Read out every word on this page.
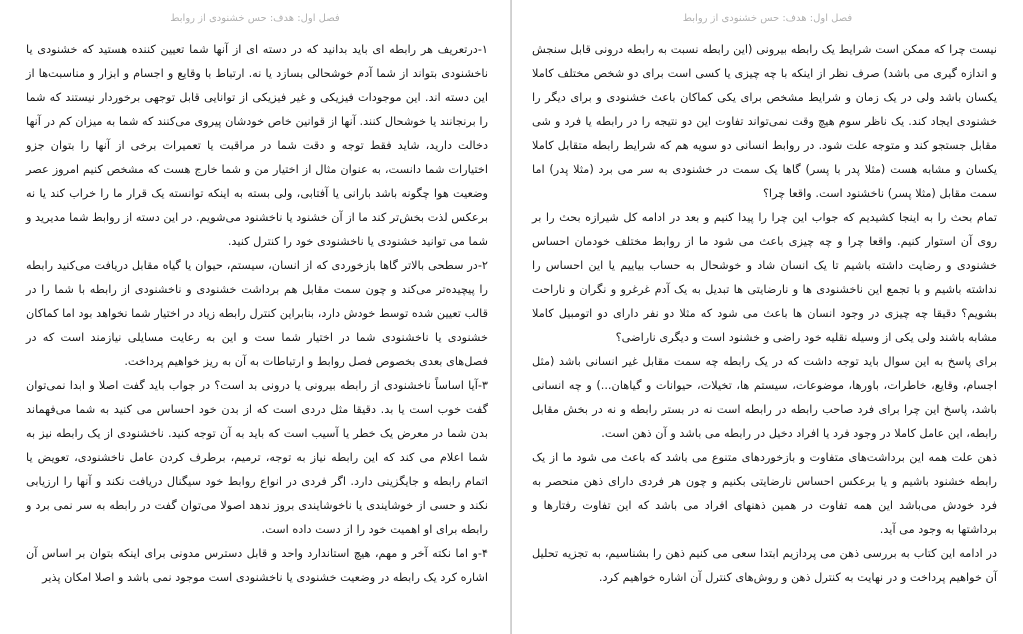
فصل اول: هدف: حس خشنودی از روابط

۱-درتعریف هر رابطه ای باید بدانید که در دسته ای از آنها شما تعیین کننده هستید که خشنودی یا ناخشنودی بتواند از شما آدم خوشحالی بسازد یا نه. ارتباط با وقایع و اجسام و ابزار و مناسبت‌ها از این دسته اند. این موجودات فیزیکی و غیر فیزیکی از توانایی قابل توجهی برخوردار نیستند که شما را برنجانند یا خوشحال کنند. آنها از قوانین خاص خودشان پیروی می‌کنند که شما به میزان کم در آنها دخالت دارید، شاید فقط توجه و دقت شما در مراقبت یا تعمیرات برخی از آنها را بتوان جزو اختیارات شما دانست، به عنوان مثال از اختیار من و شما خارج هست که مشخص کنیم امروز عصر وضعیت هوا چگونه باشد بارانی یا آفتابی، ولی بسته به اینکه توانسته یک قرار ما را خراب کند یا نه برعکس لذت بخش‌تر کند ما از آن خشنود یا ناخشنود می‌شویم. در این دسته از روابط شما مدیرید و شما می توانید خشنودی یا ناخشنودی خود را کنترل کنید.

۲-در سطحی بالاتر گاها بازخوردی که از انسان، سیستم، حیوان یا گیاه مقابل دریافت می‌کنید رابطه را پیچیده‌تر می‌کند و چون سمت مقابل هم برداشت خشنودی و ناخشنودی از رابطه با شما را در قالب تعیین شده توسط خودش دارد، بنابراین کنترل رابطه زیاد در اختیار شما نخواهد بود اما کماکان خشنودی یا ناخشنودی شما در اختیار شما ست و این به رعایت مسایلی نیازمند است که در فصل‌های بعدی بخصوص فصل روابط و ارتباطات به آن به ریز خواهیم پرداخت.

۳-آیا اساساً ناخشنودی از رابطه بیرونی یا درونی بد است؟ در جواب باید گفت اصلا و ابدا نمی‌توان گفت خوب است یا بد. دقیقا مثل دردی است که از بدن خود احساس می کنید به شما می‌فهماند بدن شما در معرض یک خطر یا آسیب است که باید به آن توجه کنید. ناخشنودی از یک رابطه نیز به شما اعلام می کند که این رابطه نیاز به توجه، ترمیم، برطرف کردن عامل ناخشنودی، تعویض یا اتمام رابطه و جایگزینی دارد. اگر فردی در انواع روابط خود سیگنال دریافت نکند و آنها را ارزیابی نکند و حسی از خوشایندی یا ناخوشایندی بروز ندهد اصولا می‌توان گفت در رابطه به سر نمی برد و رابطه برای او اهمیت خود را از دست داده است.

۴-و اما نکته آخر و مهم، هیچ استاندارد واحد و قابل دسترس مدونی برای اینکه بتوان بر اساس آن اشاره کرد یک رابطه در وضعیت خشنودی یا ناخشنودی است موجود نمی باشد و اصلا امکان پذیر

فصل اول: هدف: حس خشنودی از روابط

نیست چرا که ممکن است شرایط یک رابطه بیرونی (این رابطه نسبت به رابطه درونی قابل سنجش و اندازه گیری می باشد) صرف نظر از اینکه با چه چیزی یا کسی است برای دو شخص مختلف کاملا یکسان باشد ولی در یک زمان و شرایط مشخص برای یکی کماکان باعث خشنودی و برای دیگر را خشنودی ایجاد کند. یک ناظر سوم هیچ وقت نمی‌تواند تفاوت این دو نتیجه را در رابطه یا فرد و شی مقابل جستجو کند و متوجه علت شود. در روابط انسانی دو سویه هم که شرایط رابطه متقابل کاملا یکسان و مشابه هست (مثلا پدر با پسر) گاها یک سمت در خشنودی به سر می برد (مثلا پدر) اما سمت مقابل (مثلا پسر) ناخشنود است. واقعا چرا؟

تمام بحث را به اینجا کشیدیم که جواب این چرا را پیدا کنیم و بعد در ادامه کل شیرازه بحث را بر روی آن استوار کنیم. واقعا چرا و چه چیزی باعث می شود ما از روابط مختلف خودمان احساس خشنودی و رضایت داشته باشیم تا یک انسان شاد و خوشحال به حساب بیاییم یا این احساس را نداشته باشیم و با تجمع این ناخشنودی ها و نارضایتی ها تبدیل به یک آدم غرغرو و نگران و ناراحت بشویم؟ دقیقا چه چیزی در وجود انسان ها باعث می شود که مثلا دو نفر دارای دو اتومبیل کاملا مشابه باشند ولی یکی از وسیله نقلیه خود راضی و خشنود است و دیگری ناراضی؟

برای پاسخ به این سوال باید توجه داشت که در یک رابطه چه سمت مقابل غیر انسانی باشد (مثل اجسام، وقایع، خاطرات، باورها، موضوعات، سیستم ها، تخیلات، حیوانات و گیاهان...) و چه انسانی باشد، پاسخ این چرا برای فرد صاحب رابطه در رابطه است نه در بستر رابطه و نه در بخش مقابل رابطه، این عامل کاملا در وجود فرد یا افراد دخیل در رابطه می باشد و آن ذهن است.

ذهن علت همه این برداشت‌های متفاوت و بازخوردهای متنوع می باشد که باعث می شود ما از یک رابطه خشنود باشیم و یا برعکس احساس نارضایتی بکنیم و چون هر فردی دارای ذهن منحصر به فرد خودش می‌باشد این همه تفاوت در همین ذهنهای افراد می باشد که این تفاوت رفتارها و برداشتها به وجود می آید.

در ادامه این کتاب به بررسی ذهن می پردازیم ابتدا سعی می کنیم ذهن را بشناسیم، به تجزیه تحلیل آن خواهیم پرداخت و در نهایت به کنترل ذهن و روش‌های کنترل آن اشاره خواهیم کرد.
